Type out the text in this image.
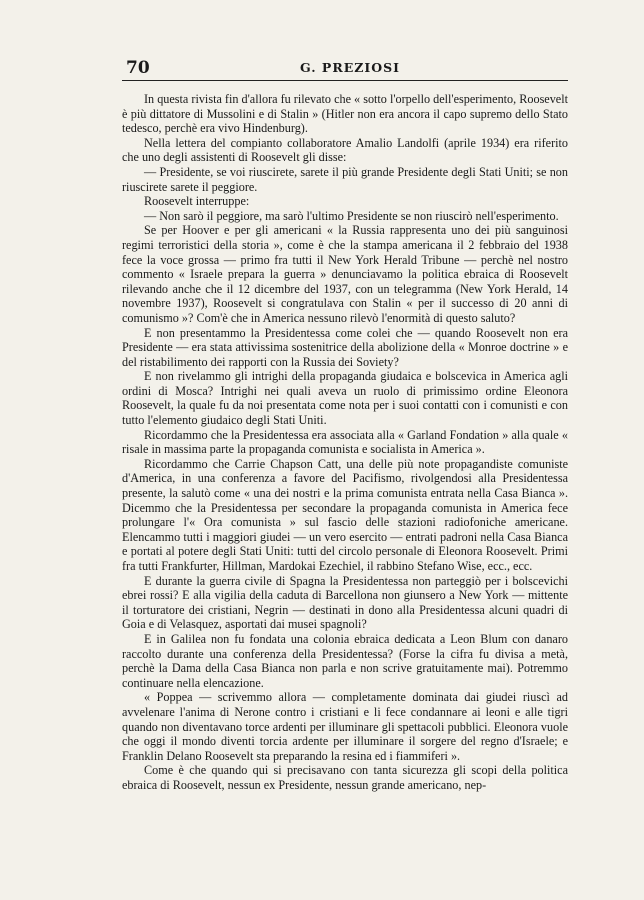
70	G. PREZIOSI

In questa rivista fin d'allora fu rilevato che « sotto l'orpello dell'esperimento, Roosevelt è più dittatore di Mussolini e di Stalin » (Hitler non era ancora il capo supremo dello Stato tedesco, perchè era vivo Hindenburg).

Nella lettera del compianto collaboratore Amalio Landolfi (aprile 1934) era riferito che uno degli assistenti di Roosevelt gli disse:

— Presidente, se voi riuscirete, sarete il più grande Presidente degli Stati Uniti; se non riuscirete sarete il peggiore.

Roosevelt interruppe:

— Non sarò il peggiore, ma sarò l'ultimo Presidente se non riuscirò nell'esperimento.

Se per Hoover e per gli americani « la Russia rappresenta uno dei più sanguinosi regimi terroristici della storia », come è che la stampa americana il 2 febbraio del 1938 fece la voce grossa — primo fra tutti il New York Herald Tribune — perchè nel nostro commento « Israele prepara la guerra » denunciavamo la politica ebraica di Roosevelt rilevando anche che il 12 dicembre del 1937, con un telegramma (New York Herald, 14 novembre 1937), Roosevelt si congratulava con Stalin « per il successo di 20 anni di comunismo »? Com'è che in America nessuno rilevò l'enormità di questo saluto?

E non presentammo la Presidentessa come colei che — quando Roosevelt non era Presidente — era stata attivissima sostenitrice della abolizione della « Monroe doctrine » e del ristabilimento dei rapporti con la Russia dei Soviety?

E non rivelammo gli intrighi della propaganda giudaica e bolscevica in America agli ordini di Mosca? Intrighi nei quali aveva un ruolo di primissimo ordine Eleonora Roosevelt, la quale fu da noi presentata come nota per i suoi contatti con i comunisti e con tutto l'elemento giudaico degli Stati Uniti.

Ricordammo che la Presidentessa era associata alla « Garland Fondation » alla quale « risale in massima parte la propaganda comunista e socialista in America ».

Ricordammo che Carrie Chapson Catt, una delle più note propagandiste comuniste d'America, in una conferenza a favore del Pacifismo, rivolgendosi alla Presidentessa presente, la salutò come « una dei nostri e la prima comunista entrata nella Casa Bianca ». Dicemmo che la Presidentessa per secondare la propaganda comunista in America fece prolungare l'« Ora comunista » sul fascio delle stazioni radiofoniche americane. Elencammo tutti i maggiori giudei — un vero esercito — entrati padroni nella Casa Bianca e portati al potere degli Stati Uniti: tutti del circolo personale di Eleonora Roosevelt. Primi fra tutti Frankfurter, Hillman, Mardokai Ezechiel, il rabbino Stefano Wise, ecc., ecc.

E durante la guerra civile di Spagna la Presidentessa non parteggiò per i bolscevichi ebrei rossi? E alla vigilia della caduta di Barcellona non giunsero a New York — mittente il torturatore dei cristiani, Negrin — destinati in dono alla Presidentessa alcuni quadri di Goia e di Velasquez, asportati dai musei spagnoli?

E in Galilea non fu fondata una colonia ebraica dedicata a Leon Blum con danaro raccolto durante una conferenza della Presidentessa? (Forse la cifra fu divisa a metà, perchè la Dama della Casa Bianca non parla e non scrive gratuitamente mai). Potremmo continuare nella elencazione.

« Poppea — scrivemmo allora — completamente dominata dai giudei riuscì ad avvelenare l'anima di Nerone contro i cristiani e li fece condannare ai leoni e alle tigri quando non diventavano torce ardenti per illuminare gli spettacoli pubblici. Eleonora vuole che oggi il mondo diventi torcia ardente per illuminare il sorgere del regno d'Israele; e Franklin Delano Roosevelt sta preparando la resina ed i fiammiferi ».

Come è che quando qui si precisavano con tanta sicurezza gli scopi della politica ebraica di Roosevelt, nessun ex Presidente, nessun grande americano, nep-
